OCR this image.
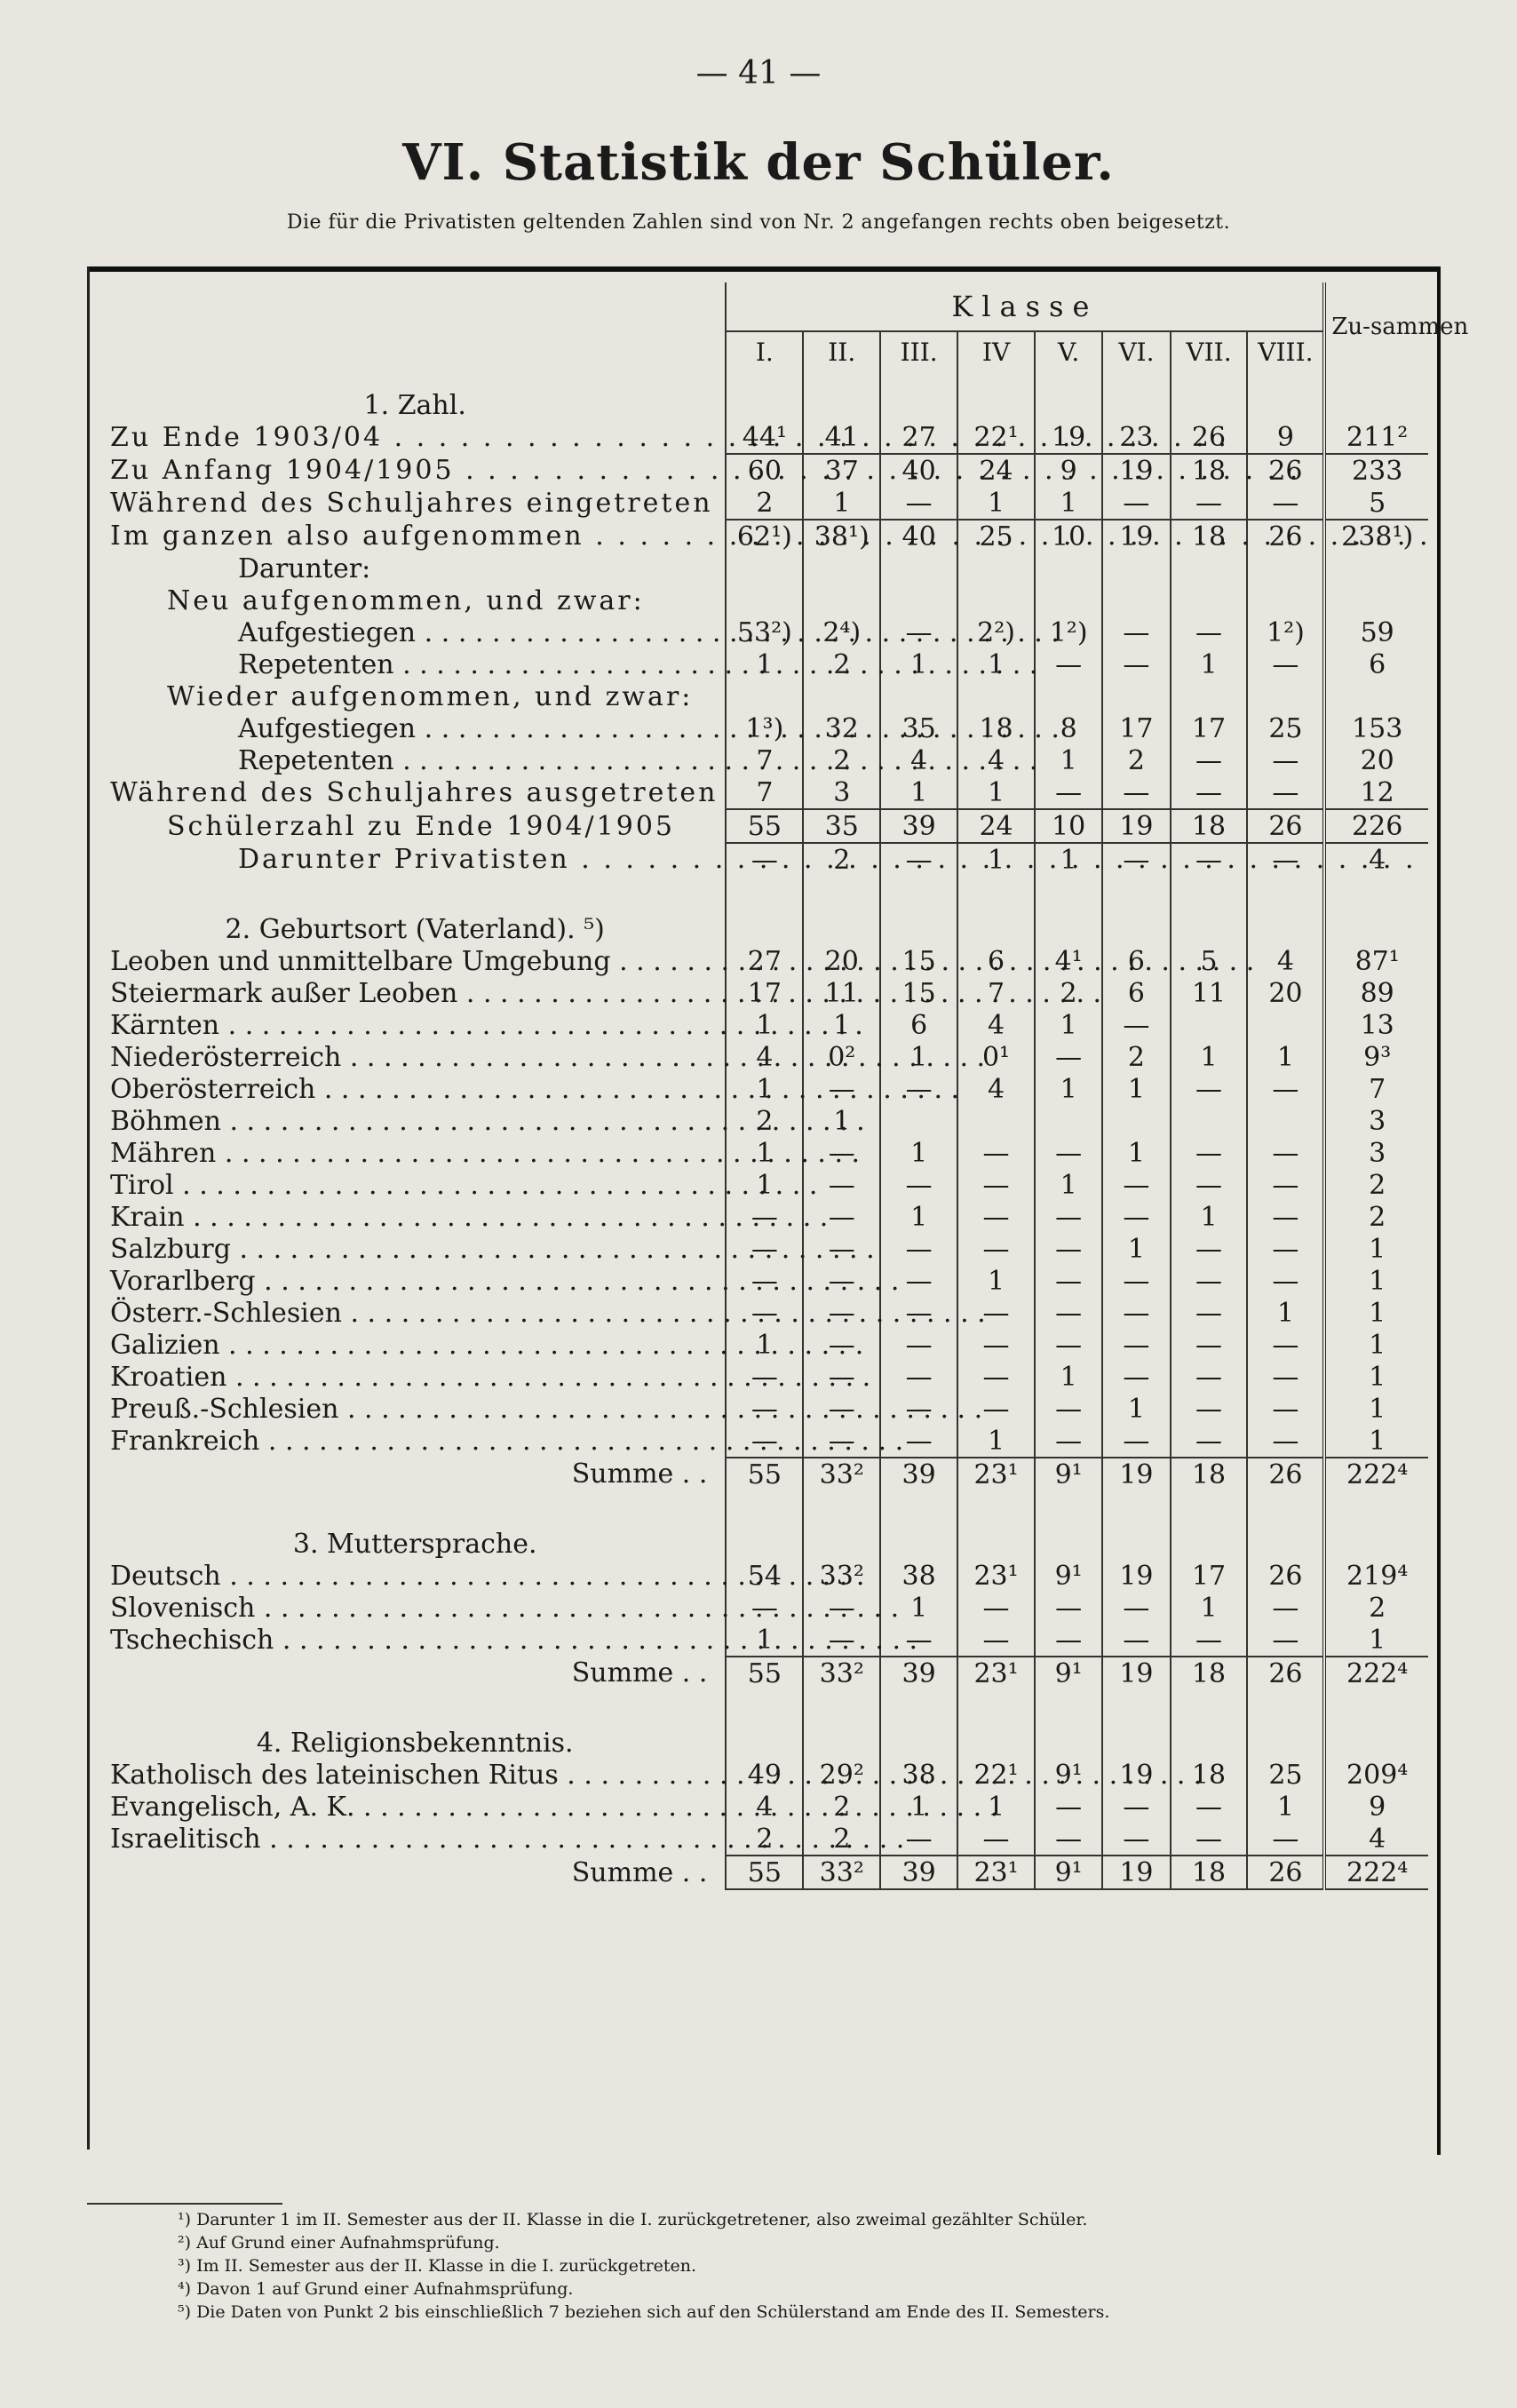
— 41 —
VI. Statistik der Schüler.
Die für die Privatisten geltenden Zahlen sind von Nr. 2 angefangen rechts oben beigesetzt.
	Klasse								Zu-sammen
	I.	II.	III.	IV	V.	VI.	VII.	VIII.	
1. Zahl.									

Zu Ende 1903/04 . . .	44¹	41	27	22¹	19	23	26	9	211²

Zu Anfang 1904/1905 . . .	60	37	40	24	9	19	18	26	233

Während des Schuljahres eingetreten	2	1	—	1	1	—	—	—	5

Im ganzen also aufgenommen . . .	62¹)	38¹)	40	25	10	19	18	26	238¹)

Darunter:									

Neu aufgenommen, und zwar:									

Aufgestiegen . . .	53²)	2⁴)	—	2²)	1²)	—	—	1²)	59

Repetenten . . .	1	2	1	1	—	—	1	—	6

Wieder aufgenommen, und zwar:									

Aufgestiegen . . .	1³)	32	35	18	8	17	17	25	153

Repetenten . . .	7	2	4	4	1	2	—	—	20

Während des Schuljahres ausgetreten	7	3	1	1	—	—	—	—	12

Schülerzahl zu Ende 1904/1905	55	35	39	24	10	19	18	26	226

Darunter Privatisten . . .	—	2	—	1	1	—	—	—	4

2. Geburtsort (Vaterland). ⁵)									

Leoben und unmittelbare Umgebung . . .	27	20	15	6	4¹	6	5	4	87¹

Steiermark außer Leoben . . .	17	11	15	7	2	6	11	20	89

Kärnten . . .	1	1	6	4	1	—			13

Niederösterreich . . .	4	0²	1	0¹	—	2	1	1	9³

Oberösterreich . . .	1	—	—	4	1	1	—	—	7

Böhmen . . .	2	1							3

Mähren . . .	1	—	1	—	—	1	—	—	3

Tirol . . .	1	—	—	—	1	—	—	—	2

Krain . . .	—	—	1	—	—	—	1	—	2

Salzburg . . .	—	—	—	—	—	1	—	—	1

Vorarlberg . . .	—	—	—	1	—	—	—	—	1

Österr.-Schlesien . . .	—	—	—	—	—	—	—	1	1

Galizien . . .	1	—	—	—	—	—	—	—	1

Kroatien . . .	—	—	—	—	1	—	—	—	1

Preuß.-Schlesien . . .	—	—	—	—	—	1	—	—	1

Frankreich . . .	—	—	—	1	—	—	—	—	1

Summe . .	55	33²	39	23¹	9¹	19	18	26	222⁴

3. Muttersprache.									

Deutsch . . .	54	33²	38	23¹	9¹	19	17	26	219⁴

Slovenisch . . .	—	—	1	—	—	—	1	—	2

Tschechisch . . .	1	—	—	—	—	—	—	—	1

Summe . .	55	33²	39	23¹	9¹	19	18	26	222⁴

4. Religionsbekenntnis.									

Katholisch des lateinischen Ritus . . .	49	29²	38	22¹	9¹	19	18	25	209⁴

Evangelisch, A. K. . . .	4	2	1	1	—	—	—	1	9

Israelitisch . . .	2	2	—	—	—	—	—	—	4

Summe . .	55	33²	39	23¹	9¹	19	18	26	222⁴
¹) Darunter 1 im II. Semester aus der II. Klasse in die I. zurückgetretener, also zweimal gezählter Schüler.
²) Auf Grund einer Aufnahmsprüfung.
³) Im II. Semester aus der II. Klasse in die I. zurückgetreten.
⁴) Davon 1 auf Grund einer Aufnahmsprüfung.
⁵) Die Daten von Punkt 2 bis einschließlich 7 beziehen sich auf den Schülerstand am Ende des II. Semesters.
